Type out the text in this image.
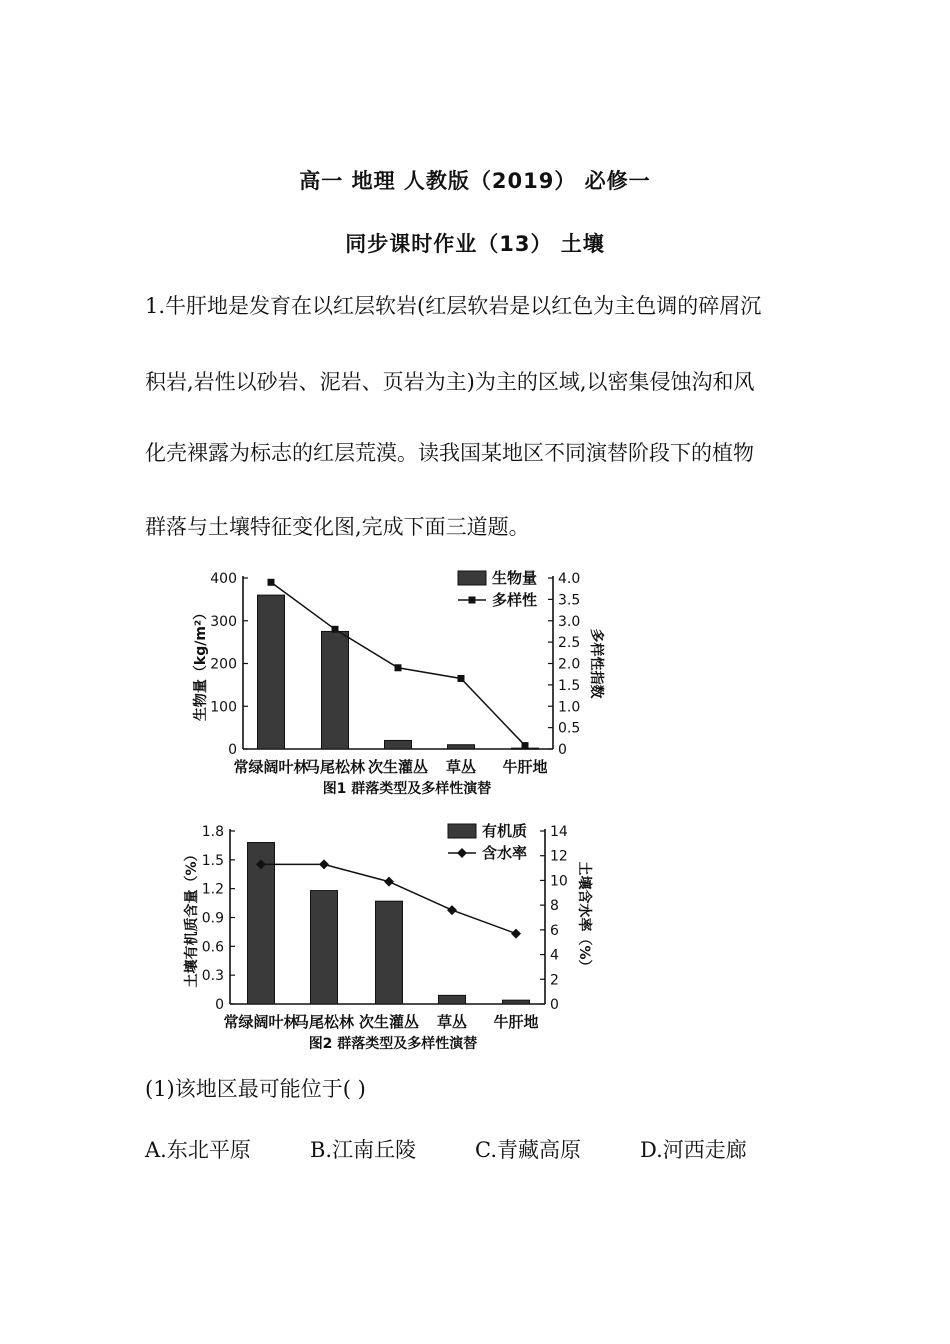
高一 地理 人教版（2019） 必修一
同步课时作业（13） 土壤
1.牛肝地是发育在以红层软岩(红层软岩是以红色为主色调的碎屑沉
积岩,岩性以砂岩、泥岩、页岩为主)为主的区域,以密集侵蚀沟和风
化壳裸露为标志的红层荒漠。读我国某地区不同演替阶段下的植物
群落与土壤特征变化图,完成下面三道题。
400
300
200
100
0
4.0
3.5
3.0
2.5
2.0
1.5
1.0
0.5
0
生物量（kg/m²）	多样性指数
常绿阔叶林
马尾松林 次生灌丛 草丛 牛肝地
图1 群落类型及多样性演替
生物量
多样性
1.8
1.5
1.2
0.9
0.6
0.3
0
14
12
10
8
6
4
2
0
土壤有机质含量（%）	土壤含水率（%）
常绿阔叶林
马尾松林 次生灌丛 草丛 牛肝地
图2 群落类型及多样性演替
有机质
含水率
(1)该地区最可能位于( )
A.东北平原	B.江南丘陵	C.青藏高原	D.河西走廊
